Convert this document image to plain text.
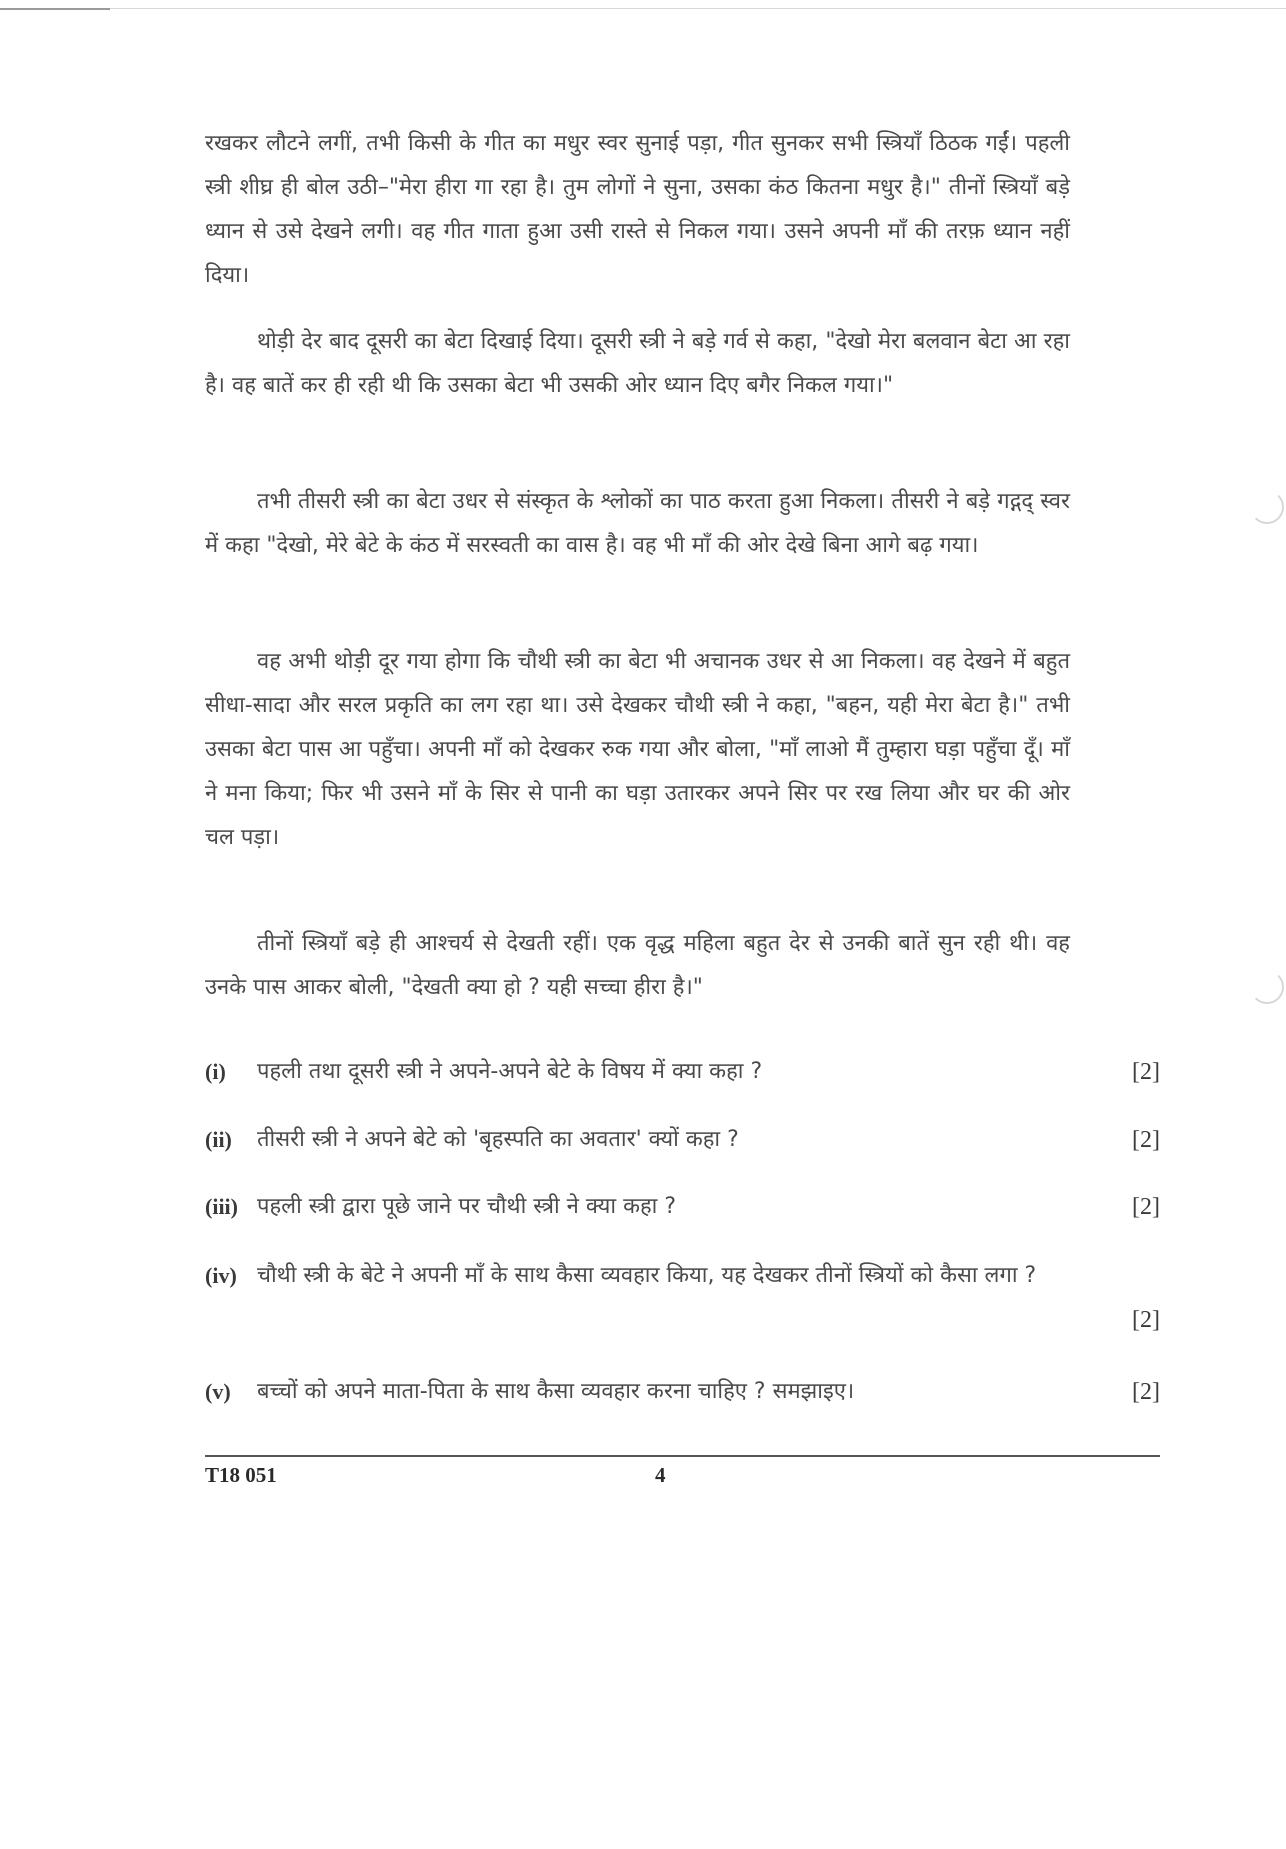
रखकर लौटने लगीं, तभी किसी के गीत का मधुर स्वर सुनाई पड़ा, गीत सुनकर सभी स्त्रियाँ ठिठक गईं। पहली स्त्री शीघ्र ही बोल उठी–"मेरा हीरा गा रहा है। तुम लोगों ने सुना, उसका कंठ कितना मधुर है।" तीनों स्त्रियाँ बड़े ध्यान से उसे देखने लगी। वह गीत गाता हुआ उसी रास्ते से निकल गया। उसने अपनी माँ की तरफ़ ध्यान नहीं दिया।

थोड़ी देर बाद दूसरी का बेटा दिखाई दिया। दूसरी स्त्री ने बड़े गर्व से कहा, "देखो मेरा बलवान बेटा आ रहा है। वह बातें कर ही रही थी कि उसका बेटा भी उसकी ओर ध्यान दिए बगैर निकल गया।"

तभी तीसरी स्त्री का बेटा उधर से संस्कृत के श्लोकों का पाठ करता हुआ निकला। तीसरी ने बड़े गद्गद् स्वर में कहा "देखो, मेरे बेटे के कंठ में सरस्वती का वास है। वह भी माँ की ओर देखे बिना आगे बढ़ गया।

वह अभी थोड़ी दूर गया होगा कि चौथी स्त्री का बेटा भी अचानक उधर से आ निकला। वह देखने में बहुत सीधा-सादा और सरल प्रकृति का लग रहा था। उसे देखकर चौथी स्त्री ने कहा, "बहन, यही मेरा बेटा है।" तभी उसका बेटा पास आ पहुँचा। अपनी माँ को देखकर रुक गया और बोला, "माँ लाओ मैं तुम्हारा घड़ा पहुँचा दूँ। माँ ने मना किया; फिर भी उसने माँ के सिर से पानी का घड़ा उतारकर अपने सिर पर रख लिया और घर की ओर चल पड़ा।

तीनों स्त्रियाँ बड़े ही आश्चर्य से देखती रहीं। एक वृद्ध महिला बहुत देर से उनकी बातें सुन रही थी। वह उनके पास आकर बोली, "देखती क्या हो ? यही सच्चा हीरा है।"

(i) पहली तथा दूसरी स्त्री ने अपने-अपने बेटे के विषय में क्या कहा ?	[2]
(ii) तीसरी स्त्री ने अपने बेटे को 'बृहस्पति का अवतार' क्यों कहा ?	[2]
(iii) पहली स्त्री द्वारा पूछे जाने पर चौथी स्त्री ने क्या कहा ?	[2]
(iv) चौथी स्त्री के बेटे ने अपनी माँ के साथ कैसा व्यवहार किया, यह देखकर तीनों स्त्रियों को कैसा लगा ?
[2]
(v) बच्चों को अपने माता-पिता के साथ कैसा व्यवहार करना चाहिए ? समझाइए।	[2]
T18 051	4
